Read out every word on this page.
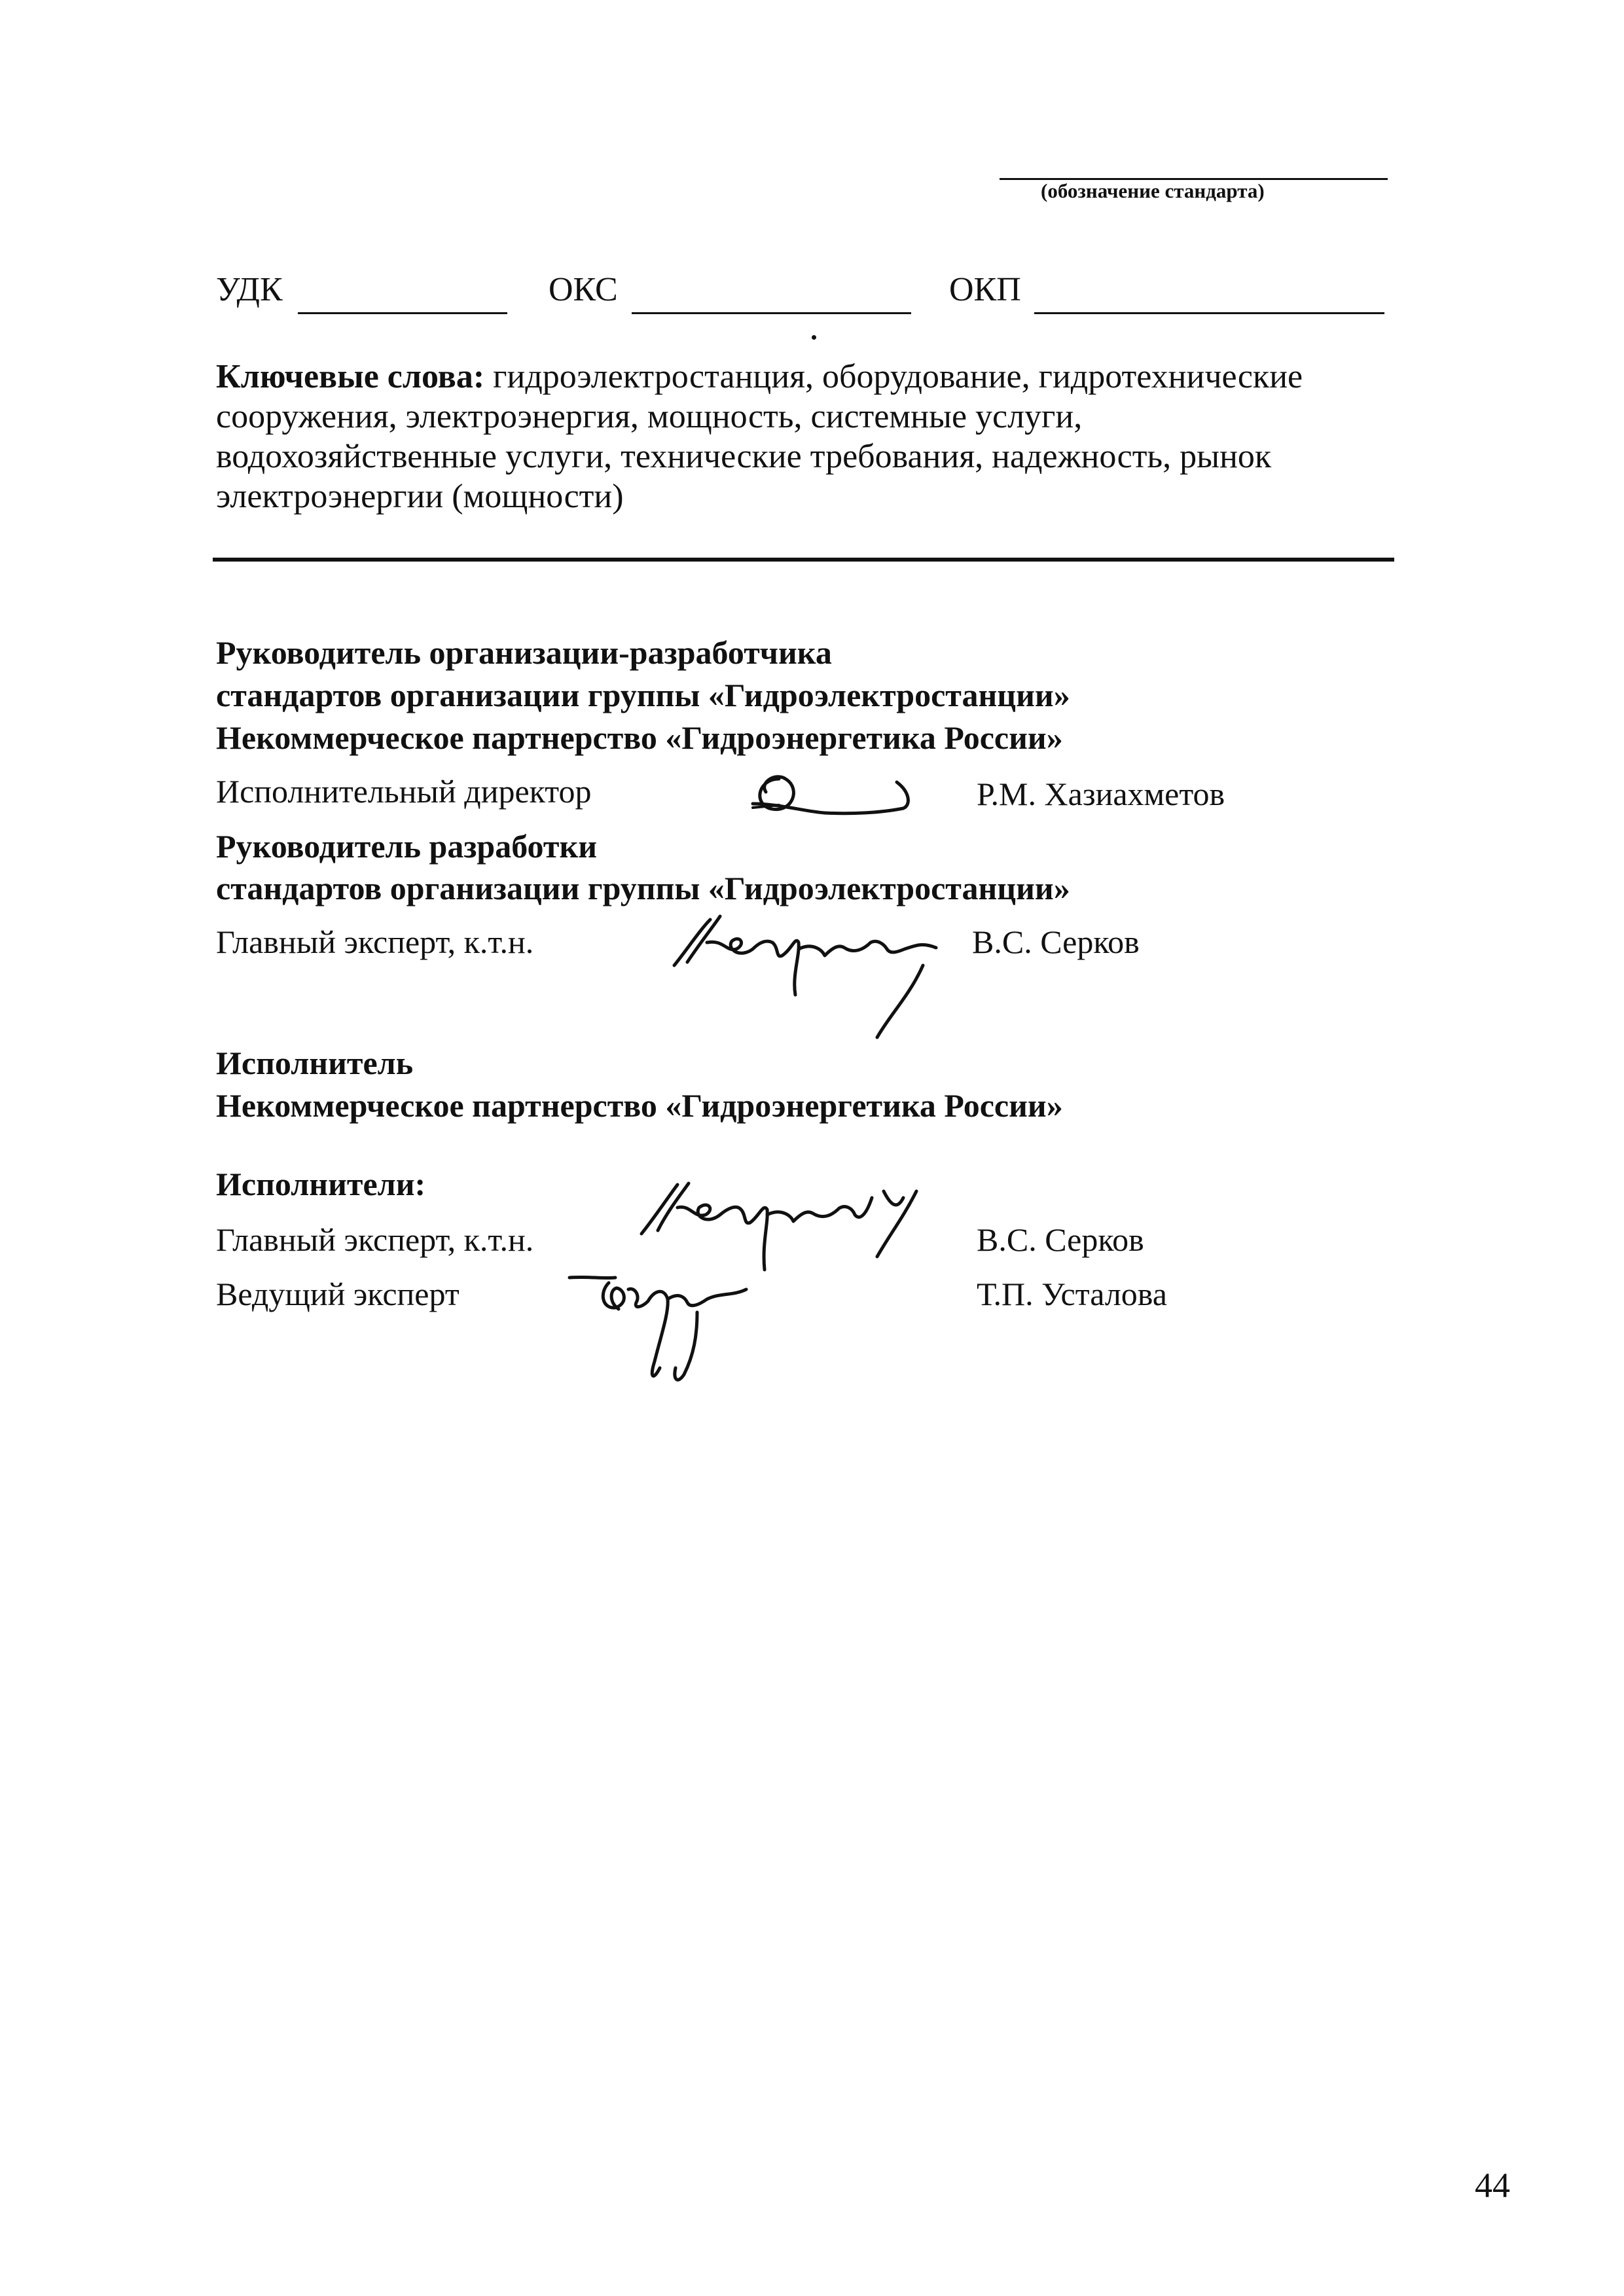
(обозначение стандарта)
УДК	ОКС	ОКП
Ключевые слова: гидроэлектростанция, оборудование, гидротехнические сооружения, электроэнергия, мощность, системные услуги, водохозяйственные услуги, технические требования, надежность, рынок электроэнергии (мощности)
Руководитель организации-разработчика
стандартов организации группы «Гидроэлектростанции»
Некоммерческое партнерство «Гидроэнергетика России»
Исполнительный директор	Р.М. Хазиахметов
Руководитель разработки
стандартов организации группы «Гидроэлектростанции»
Главный эксперт, к.т.н.	В.С. Серков
Исполнитель
Некоммерческое партнерство «Гидроэнергетика России»
Исполнители:
Главный эксперт, к.т.н.	В.С. Серков
Ведущий эксперт	Т.П. Усталова
44
